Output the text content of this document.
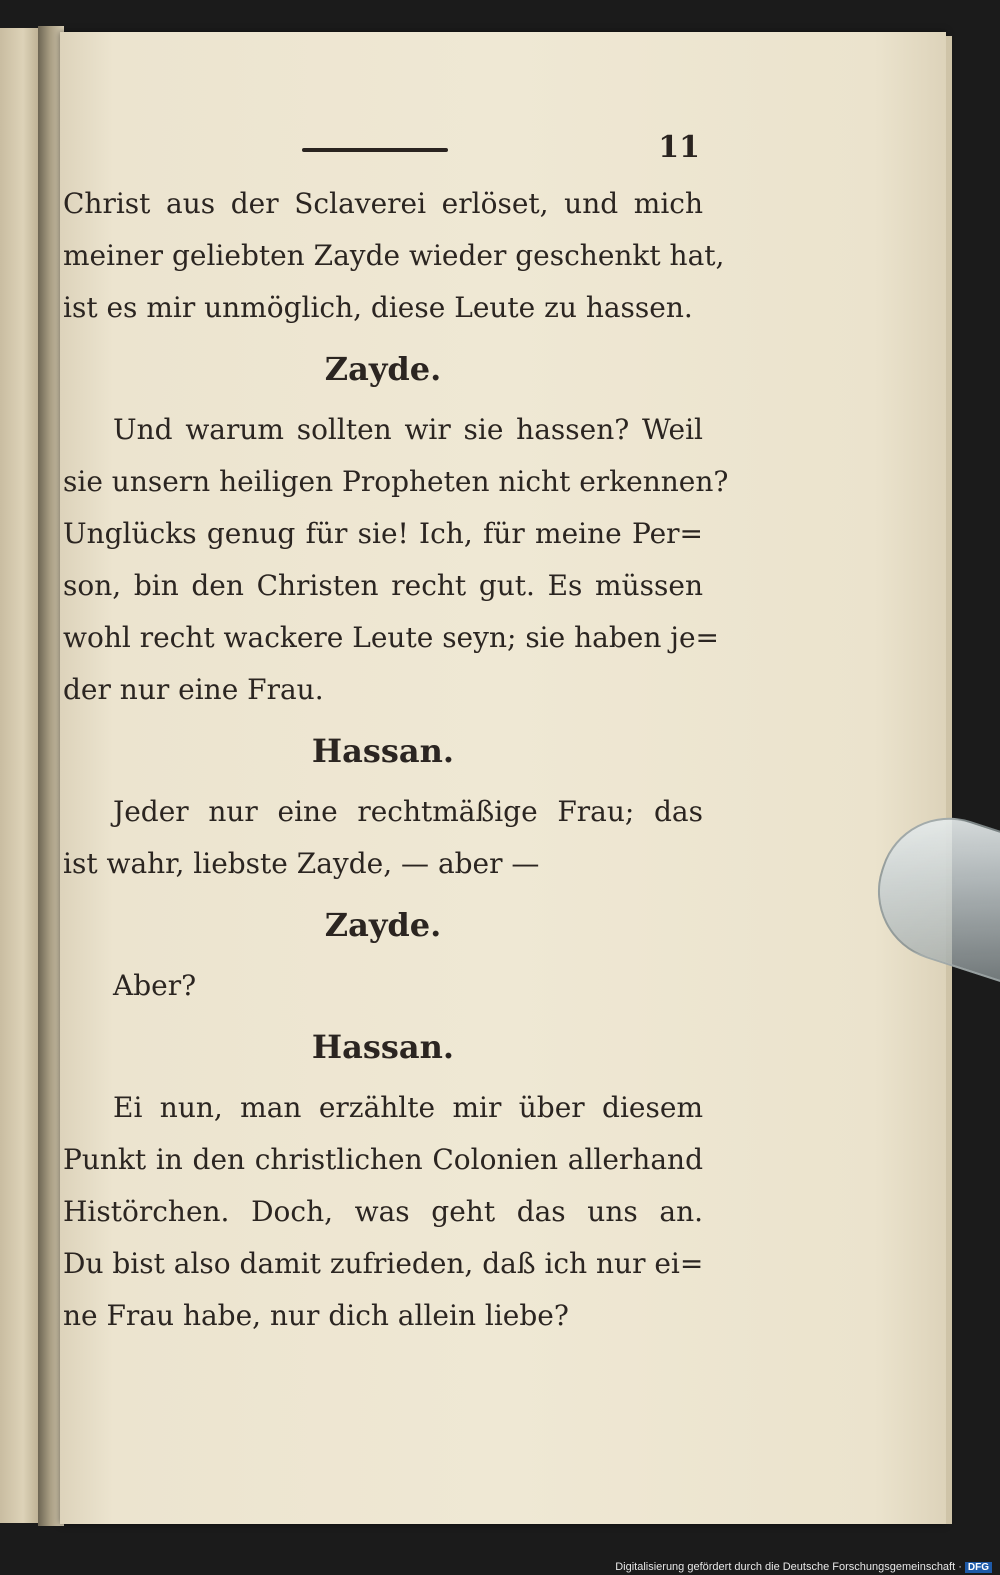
11
Christ aus der Sclaverei erlöset, und mich
meiner geliebten Zayde wieder geschenkt hat,
ist es mir unmöglich, diese Leute zu hassen.
Zayde.
Und warum sollten wir sie hassen? Weil
sie unsern heiligen Propheten nicht erkennen?
Unglücks genug für sie! Ich, für meine Per=
son, bin den Christen recht gut. Es müssen
wohl recht wackere Leute seyn; sie haben je=
der nur eine Frau.
Hassan.
Jeder nur eine rechtmäßige Frau; das
ist wahr, liebste Zayde, — aber —
Zayde.
Aber?
Hassan.
Ei nun, man erzählte mir über diesem
Punkt in den christlichen Colonien allerhand
Histörchen. Doch, was geht das uns an.
Du bist also damit zufrieden, daß ich nur ei=
ne Frau habe, nur dich allein liebe?
Digitalisierung gefördert durch die Deutsche Forschungsgemeinschaft · DFG
